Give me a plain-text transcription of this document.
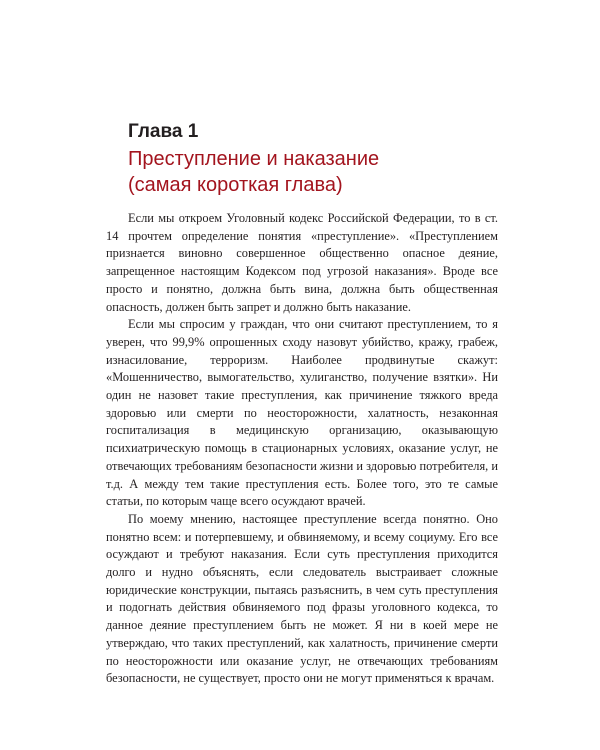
Глава 1
Преступление и наказание
(самая короткая глава)

Если мы откроем Уголовный кодекс Российской Федерации, то в ст. 14 прочтем определение понятия «преступление». «Преступлением признается виновно совершенное общественно опасное деяние, запрещенное настоящим Кодексом под угрозой наказания». Вроде все просто и понятно, должна быть вина, должна быть общественная опасность, должен быть запрет и должно быть наказание.

Если мы спросим у граждан, что они считают преступлением, то я уверен, что 99,9% опрошенных сходу назовут убийство, кражу, грабеж, изнасилование, терроризм. Наиболее продвинутые скажут: «Мошенничество, вымогательство, хулиганство, получение взятки». Ни один не назовет такие преступления, как причинение тяжкого вреда здоровью или смерти по неосторожности, халатность, незаконная госпитализация в медицинскую организацию, оказывающую психиатрическую помощь в стационарных условиях, оказание услуг, не отвечающих требованиям безопасности жизни и здоровью потребителя, и т.д. А между тем такие преступления есть. Более того, это те самые статьи, по которым чаще всего осуждают врачей.

По моему мнению, настоящее преступление всегда понятно. Оно понятно всем: и потерпевшему, и обвиняемому, и всему социуму. Его все осуждают и требуют наказания. Если суть преступления приходится долго и нудно объяснять, если следователь выстраивает сложные юридические конструкции, пытаясь разъяснить, в чем суть преступления и подогнать действия обвиняемого под фразы уголовного кодекса, то данное деяние преступлением быть не может. Я ни в коей мере не утверждаю, что таких преступлений, как халатность, причинение смерти по неосторожности или оказание услуг, не отвечающих требованиям безопасности, не существует, просто они не могут применяться к врачам.
